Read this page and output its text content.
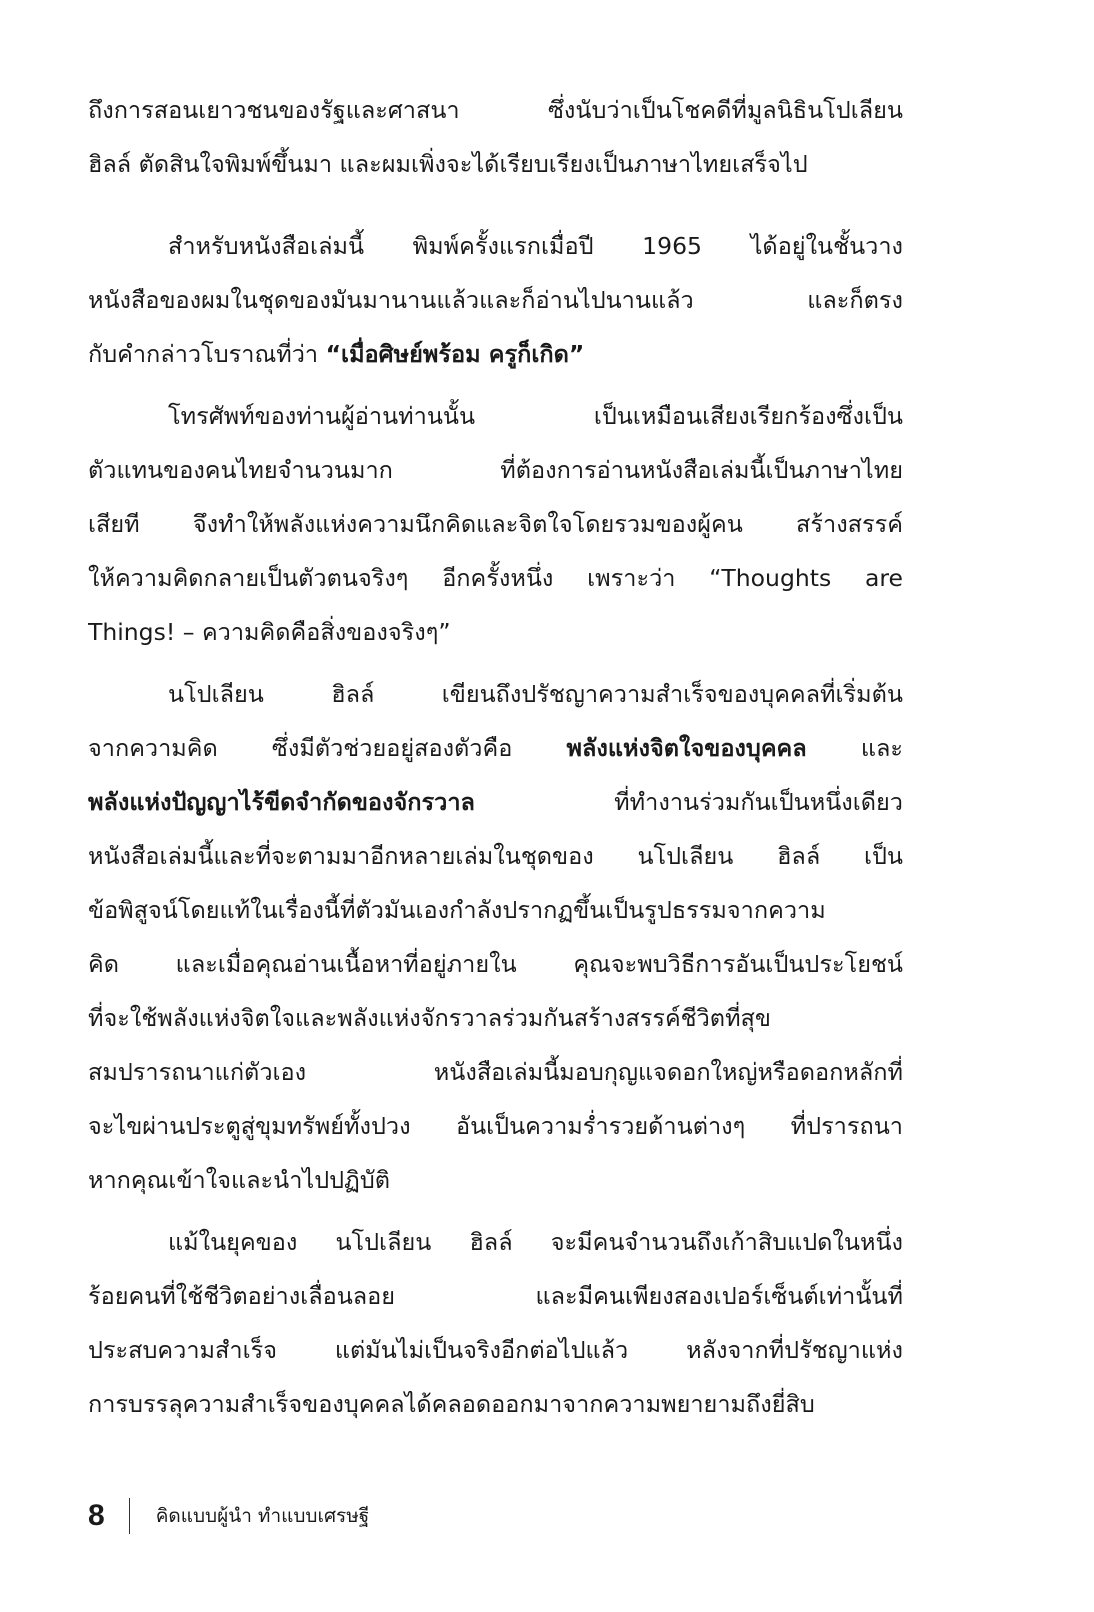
ถึงการสอนเยาวชนของรัฐและศาสนา ซึ่งนับว่าเป็นโชคดีที่มูลนิธินโปเลียน
ฮิลล์ ตัดสินใจพิมพ์ขึ้นมา และผมเพิ่งจะได้เรียบเรียงเป็นภาษาไทยเสร็จไป
สำหรับหนังสือเล่มนี้ พิมพ์ครั้งแรกเมื่อปี 1965 ได้อยู่ในชั้นวาง
หนังสือของผมในชุดของมันมานานแล้วและก็อ่านไปนานแล้ว และก็ตรง
กับคำกล่าวโบราณที่ว่า “เมื่อศิษย์พร้อม ครูก็เกิด”
โทรศัพท์ของท่านผู้อ่านท่านนั้น เป็นเหมือนเสียงเรียกร้องซึ่งเป็น
ตัวแทนของคนไทยจำนวนมาก ที่ต้องการอ่านหนังสือเล่มนี้เป็นภาษาไทย
เสียที จึงทำให้พลังแห่งความนึกคิดและจิตใจโดยรวมของผู้คน สร้างสรรค์
ให้ความคิดกลายเป็นตัวตนจริงๆ อีกครั้งหนึ่ง เพราะว่า “Thoughts are
Things! – ความคิดคือสิ่งของจริงๆ”
นโปเลียน ฮิลล์ เขียนถึงปรัชญาความสำเร็จของบุคคลที่เริ่มต้น
จากความคิด ซึ่งมีตัวช่วยอยู่สองตัวคือ พลังแห่งจิตใจของบุคคล และ
พลังแห่งปัญญาไร้ขีดจำกัดของจักรวาล ที่ทำงานร่วมกันเป็นหนึ่งเดียว
หนังสือเล่มนี้และที่จะตามมาอีกหลายเล่มในชุดของ นโปเลียน ฮิลล์ เป็น
ข้อพิสูจน์โดยแท้ในเรื่องนี้ที่ตัวมันเองกำลังปรากฏขึ้นเป็นรูปธรรมจากความ
คิด และเมื่อคุณอ่านเนื้อหาที่อยู่ภายใน คุณจะพบวิธีการอันเป็นประโยชน์
ที่จะใช้พลังแห่งจิตใจและพลังแห่งจักรวาลร่วมกันสร้างสรรค์ชีวิตที่สุข
สมปรารถนาแก่ตัวเอง หนังสือเล่มนี้มอบกุญแจดอกใหญ่หรือดอกหลักที่
จะไขผ่านประตูสู่ขุมทรัพย์ทั้งปวง อันเป็นความร่ำรวยด้านต่างๆ ที่ปรารถนา
หากคุณเข้าใจและนำไปปฏิบัติ
แม้ในยุคของ นโปเลียน ฮิลล์ จะมีคนจำนวนถึงเก้าสิบแปดในหนึ่ง
ร้อยคนที่ใช้ชีวิตอย่างเลื่อนลอย และมีคนเพียงสองเปอร์เซ็นต์เท่านั้นที่
ประสบความสำเร็จ แต่มันไม่เป็นจริงอีกต่อไปแล้ว หลังจากที่ปรัชญาแห่ง
การบรรลุความสำเร็จของบุคคลได้คลอดออกมาจากความพยายามถึงยี่สิบ
8	คิดแบบผู้นำ ทำแบบเศรษฐี
